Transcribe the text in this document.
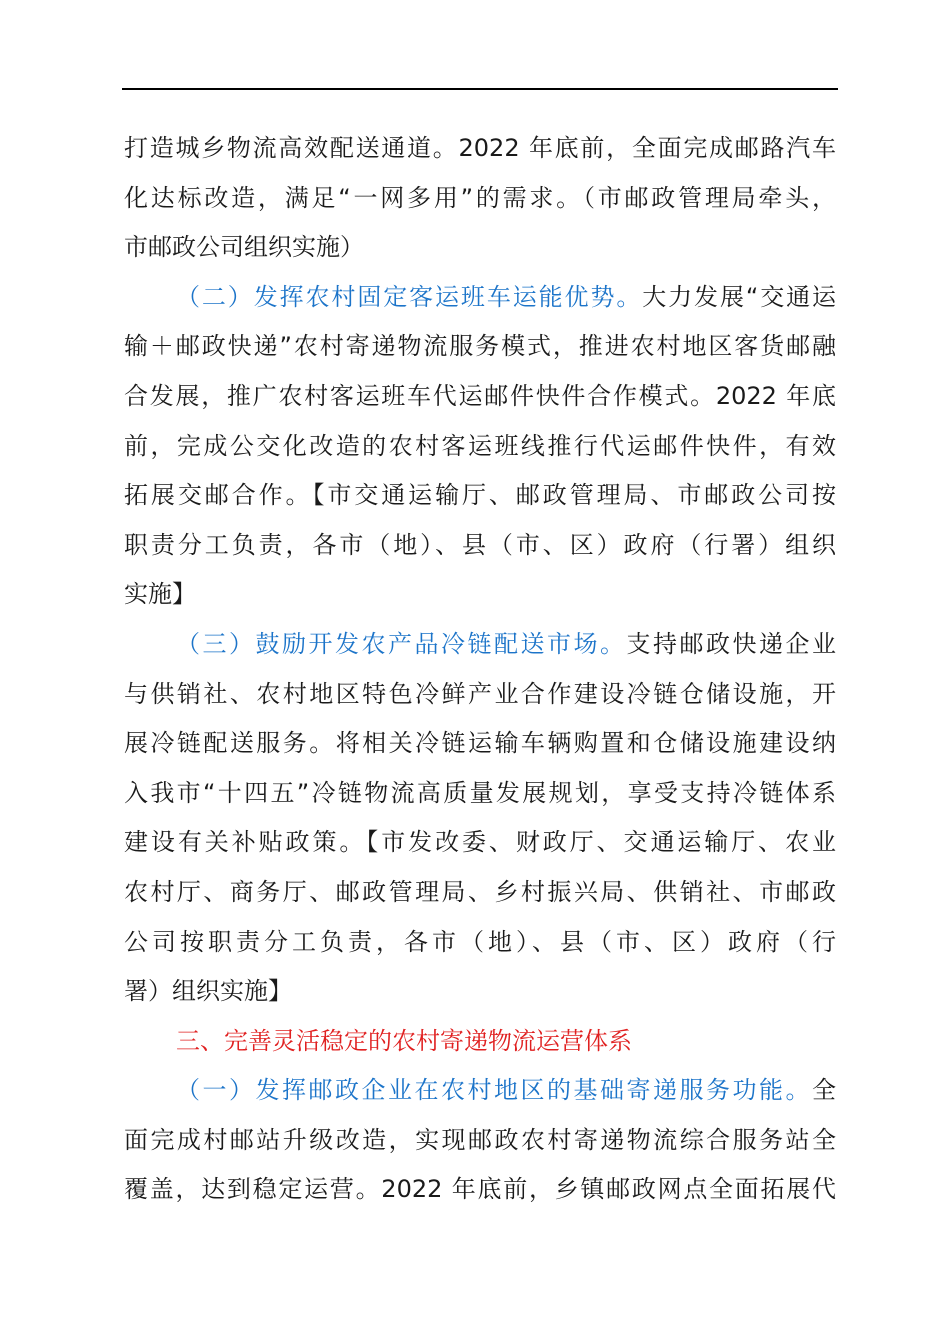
打造城乡物流高效配送通道。2022 年底前，全面完成邮路汽车
化达标改造，满足“一网多用”的需求。（市邮政管理局牵头，
市邮政公司组织实施）
（二）发挥农村固定客运班车运能优势。大力发展“交通运
输＋邮政快递”农村寄递物流服务模式，推进农村地区客货邮融
合发展，推广农村客运班车代运邮件快件合作模式。2022 年底
前，完成公交化改造的农村客运班线推行代运邮件快件，有效
拓展交邮合作。【市交通运输厅、邮政管理局、市邮政公司按
职责分工负责，各市（地）、县（市、区）政府（行署）组织
实施】
（三）鼓励开发农产品冷链配送市场。支持邮政快递企业
与供销社、农村地区特色冷鲜产业合作建设冷链仓储设施，开
展冷链配送服务。将相关冷链运输车辆购置和仓储设施建设纳
入我市“十四五”冷链物流高质量发展规划，享受支持冷链体系
建设有关补贴政策。【市发改委、财政厅、交通运输厅、农业
农村厅、商务厅、邮政管理局、乡村振兴局、供销社、市邮政
公司按职责分工负责，各市（地）、县（市、区）政府（行
署）组织实施】
三、完善灵活稳定的农村寄递物流运营体系
（一）发挥邮政企业在农村地区的基础寄递服务功能。全
面完成村邮站升级改造，实现邮政农村寄递物流综合服务站全
覆盖，达到稳定运营。2022 年底前，乡镇邮政网点全面拓展代
